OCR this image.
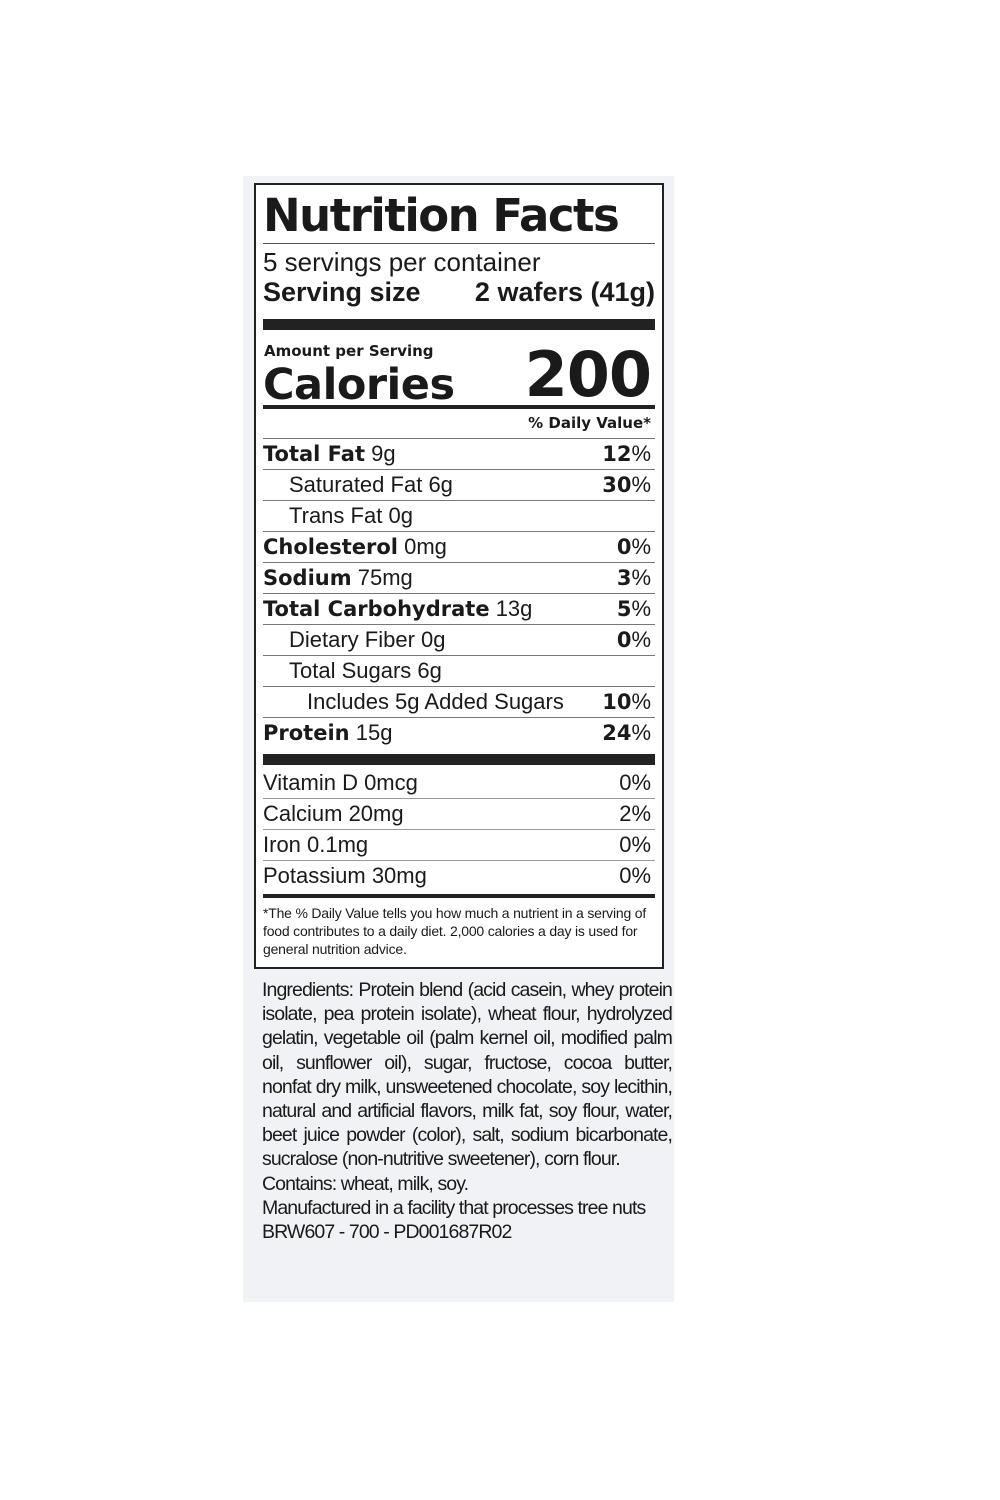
Nutrition Facts
5 servings per container
Serving size 2 wafers (41g)
Amount per Serving
Calories 200
% Daily Value*
Total Fat 9g	12%
Saturated Fat 6g	30%
Trans Fat 0g
Cholesterol 0mg	0%
Sodium 75mg	3%
Total Carbohydrate 13g	5%
Dietary Fiber 0g	0%
Total Sugars 6g
Includes 5g Added Sugars 10%
Protein 15g	24%
Vitamin D 0mcg	0%
Calcium 20mg	2%
Iron 0.1mg	0%
Potassium 30mg	0%
*The % Daily Value tells you how much a nutrient in a serving of food contributes to a daily diet. 2,000 calories a day is used for general nutrition advice.

Ingredients: Protein blend (acid casein, whey protein isolate, pea protein isolate), wheat flour, hydrolyzed gelatin, vegetable oil (palm kernel oil, modified palm oil, sunflower oil), sugar, fructose, cocoa butter, nonfat dry milk, unsweetened chocolate, soy lecithin, natural and artificial flavors, milk fat, soy flour, water, beet juice powder (color), salt, sodium bicarbonate, sucralose (non-nutritive sweetener), corn flour.

Contains: wheat, milk, soy.

Manufactured in a facility that processes tree nuts

BRW607 - 700 - PD001687R02
